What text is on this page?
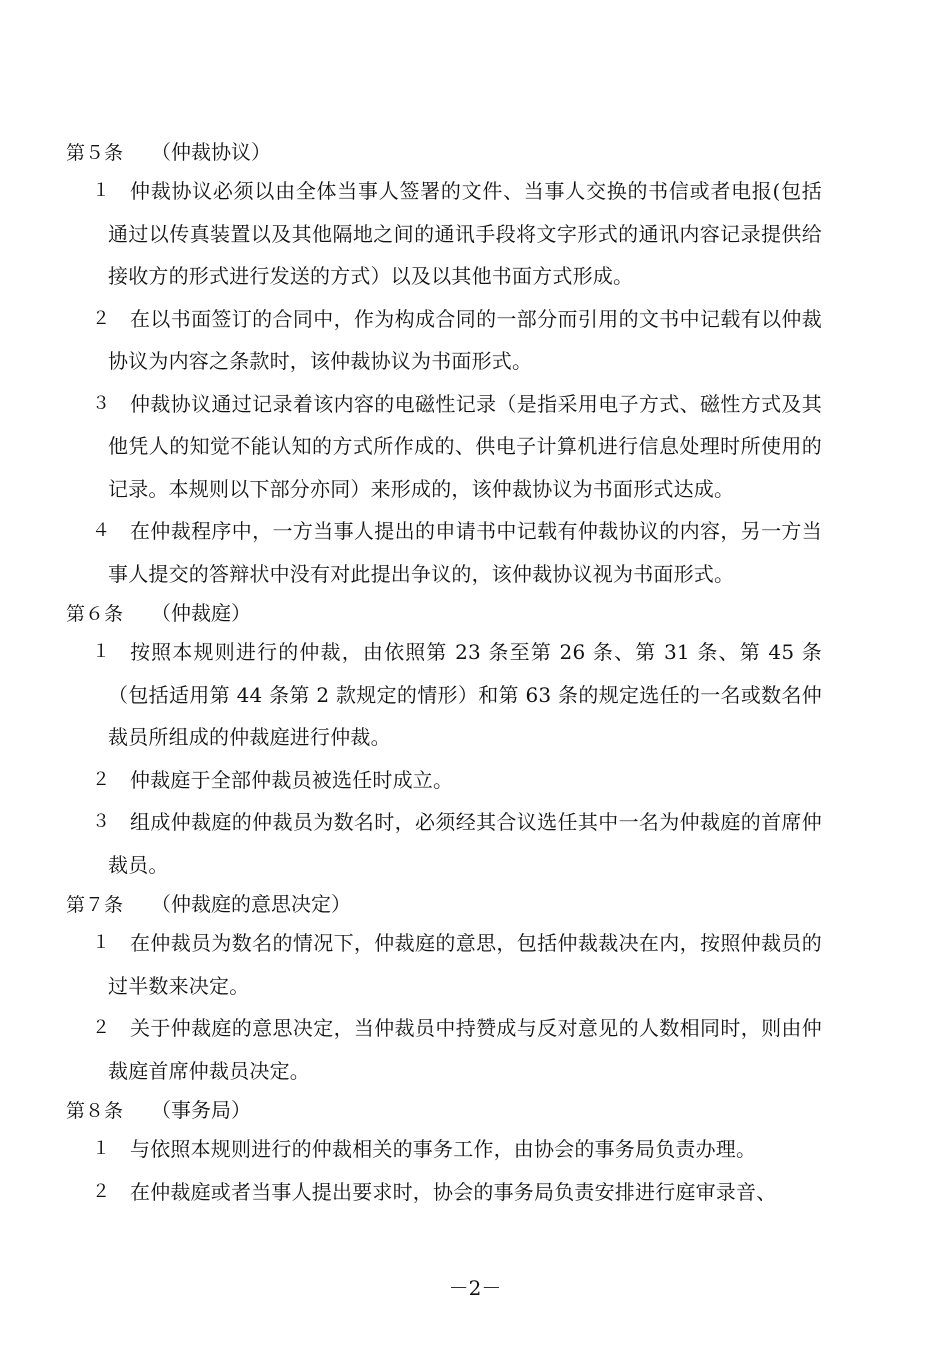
第５条 （仲裁协议）
１	仲裁协议必须以由全体当事人签署的文件、当事人交换的书信或者电报(包括通过以传真装置以及其他隔地之间的通讯手段将文字形式的通讯内容记录提供给接收方的形式进行发送的方式）以及以其他书面方式形成。
２	在以书面签订的合同中，作为构成合同的一部分而引用的文书中记载有以仲裁协议为内容之条款时，该仲裁协议为书面形式。
３	仲裁协议通过记录着该内容的电磁性记录（是指采用电子方式、磁性方式及其他凭人的知觉不能认知的方式所作成的、供电子计算机进行信息处理时所使用的记录。本规则以下部分亦同）来形成的，该仲裁协议为书面形式达成。
４	在仲裁程序中，一方当事人提出的申请书中记载有仲裁协议的内容，另一方当事人提交的答辩状中没有对此提出争议的，该仲裁协议视为书面形式。
第６条 （仲裁庭）
１	按照本规则进行的仲裁，由依照第 23 条至第 26 条、第 31 条、第 45 条（包括适用第 44 条第 2 款规定的情形）和第 63 条的规定选任的一名或数名仲裁员所组成的仲裁庭进行仲裁。
２	仲裁庭于全部仲裁员被选任时成立。
３	组成仲裁庭的仲裁员为数名时，必须经其合议选任其中一名为仲裁庭的首席仲裁员。
第７条 （仲裁庭的意思决定）
１	在仲裁员为数名的情况下，仲裁庭的意思，包括仲裁裁决在内，按照仲裁员的过半数来决定。
２	关于仲裁庭的意思决定，当仲裁员中持赞成与反对意见的人数相同时，则由仲裁庭首席仲裁员决定。
第８条 （事务局）
１	与依照本规则进行的仲裁相关的事务工作，由协会的事务局负责办理。
２	在仲裁庭或者当事人提出要求时，协会的事务局负责安排进行庭审录音、
－2－
